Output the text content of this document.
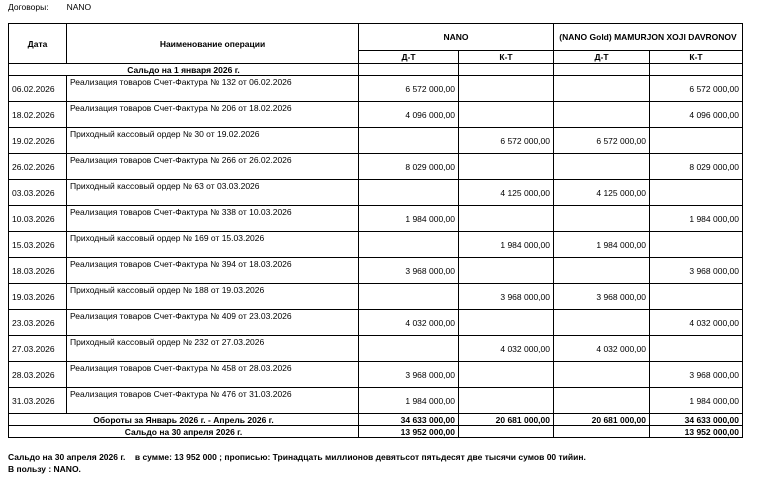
Договоры: NANO
Дата	Наименование операции	NANO		(NANO Gold) MAMURJON XOJI DAVRONOV	
		Д-Т	К-Т	Д-Т	К-Т
Сальдо на 1 января 2026 г.					
06.02.2026	Реализация товаров Счет-Фактура № 132 от 06.02.2026	6 572 000,00			6 572 000,00
18.02.2026	Реализация товаров Счет-Фактура № 206 от 18.02.2026	4 096 000,00			4 096 000,00
19.02.2026	Приходный кассовый ордер № 30 от 19.02.2026		6 572 000,00	6 572 000,00	
26.02.2026	Реализация товаров Счет-Фактура № 266 от 26.02.2026	8 029 000,00			8 029 000,00
03.03.2026	Приходный кассовый ордер № 63 от 03.03.2026		4 125 000,00	4 125 000,00	
10.03.2026	Реализация товаров Счет-Фактура № 338 от 10.03.2026	1 984 000,00			1 984 000,00
15.03.2026	Приходный кассовый ордер № 169 от 15.03.2026		1 984 000,00	1 984 000,00	
18.03.2026	Реализация товаров Счет-Фактура № 394 от 18.03.2026	3 968 000,00			3 968 000,00
19.03.2026	Приходный кассовый ордер № 188 от 19.03.2026		3 968 000,00	3 968 000,00	
23.03.2026	Реализация товаров Счет-Фактура № 409 от 23.03.2026	4 032 000,00			4 032 000,00
27.03.2026	Приходный кассовый ордер № 232 от 27.03.2026		4 032 000,00	4 032 000,00	
28.03.2026	Реализация товаров Счет-Фактура № 458 от 28.03.2026	3 968 000,00			3 968 000,00
31.03.2026	Реализация товаров Счет-Фактура № 476 от 31.03.2026	1 984 000,00			1 984 000,00
Обороты за Январь 2026 г. - Апрель 2026 г.		34 633 000,00	20 681 000,00	20 681 000,00	34 633 000,00
Сальдо на 30 апреля 2026 г.		13 952 000,00			13 952 000,00
Сальдо на 30 апреля 2026 г.    в сумме: 13 952 000 ; прописью: Тринадцать миллионов девятьсот пятьдесят две тысячи сумов 00 тийин.
В пользу : NANO.
